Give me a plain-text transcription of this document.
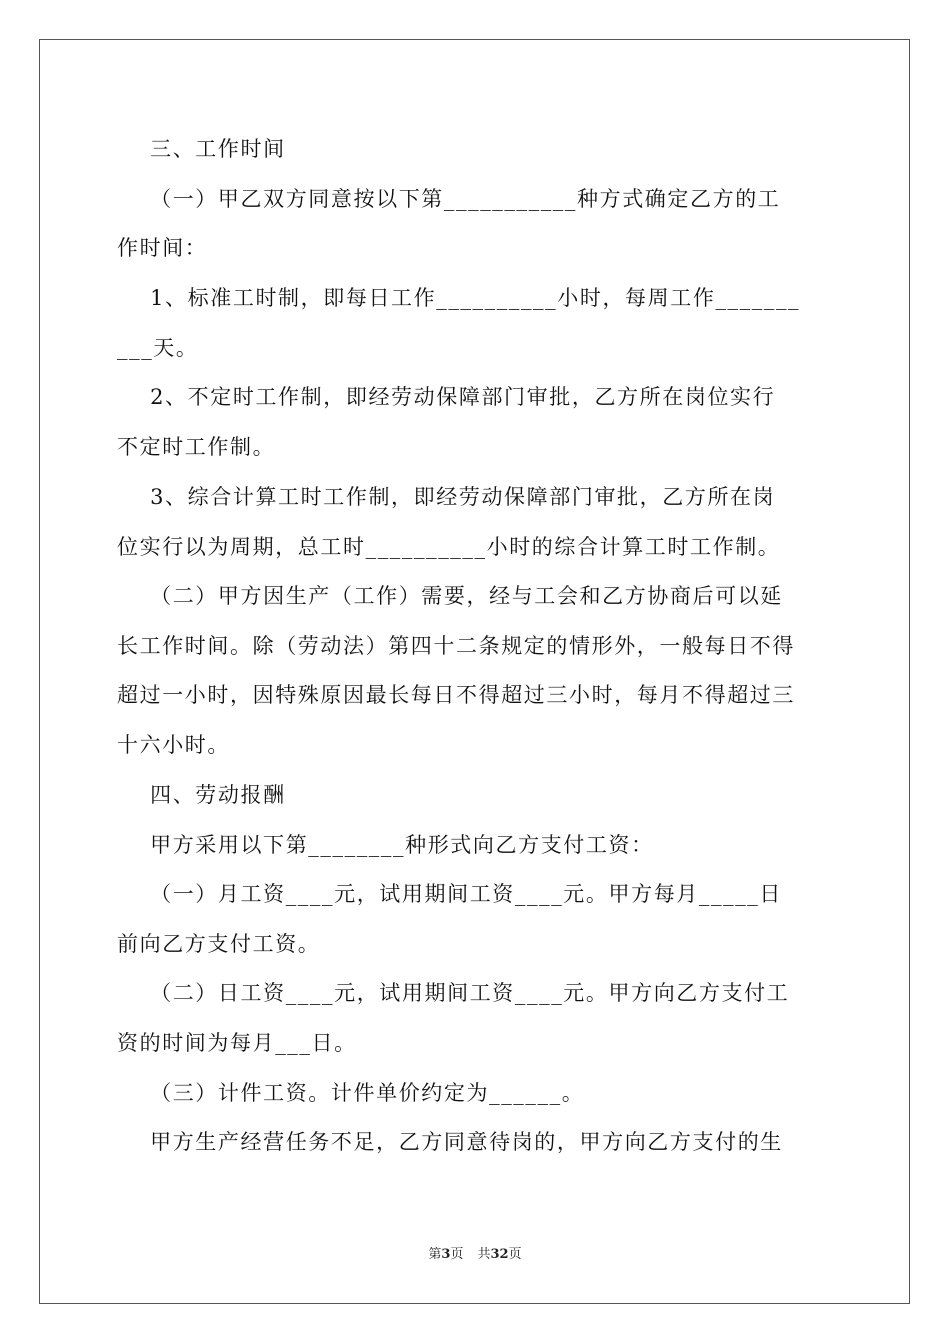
三、工作时间
（一）甲乙双方同意按以下第___________种方式确定乙方的工
作时间：
1、标准工时制，即每日工作__________小时，每周工作_______
___天。
2、不定时工作制，即经劳动保障部门审批，乙方所在岗位实行
不定时工作制。
3、综合计算工时工作制，即经劳动保障部门审批，乙方所在岗
位实行以为周期，总工时__________小时的综合计算工时工作制。
（二）甲方因生产（工作）需要，经与工会和乙方协商后可以延
长工作时间。除（劳动法）第四十二条规定的情形外，一般每日不得
超过一小时，因特殊原因最长每日不得超过三小时，每月不得超过三
十六小时。
四、劳动报酬
甲方采用以下第________种形式向乙方支付工资：
（一）月工资____元，试用期间工资____元。甲方每月_____日
前向乙方支付工资。
（二）日工资____元，试用期间工资____元。甲方向乙方支付工
资的时间为每月___日。
（三）计件工资。计件单价约定为______。
甲方生产经营任务不足，乙方同意待岗的，甲方向乙方支付的生
第3页 共32页
